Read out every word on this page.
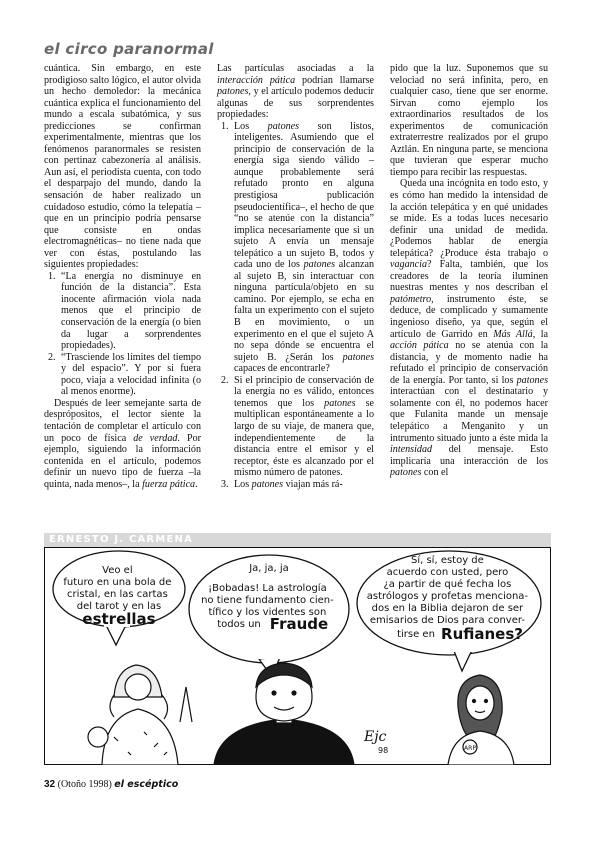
el circo paranormal

cuántica. Sin embargo, en este prodigioso salto lógico, el autor olvida un hecho demoledor: la mecánica cuántica explica el funcionamiento del mundo a escala subatómica, y sus predicciones se confirman experimentalmente, mientras que los fenómenos paranormales se resisten con pertinaz cabezonería al análisis. Aun así, el periodista cuenta, con todo el desparpajo del mundo, dando la sensación de haber realizado un cuidadoso estudio, cómo la telepatía –que en un principio podría pensarse que consiste en ondas electromagnéticas– no tiene nada que ver con éstas, postulando las siguientes propiedades:

1. “La energía no disminuye en función de la distancia”. Esta inocente afirmación viola nada menos que el principio de conservación de la energía (o bien da lugar a sorprendentes propiedades).
2. “Trasciende los límites del tiempo y del espacio”. Y por si fuera poco, viaja a velocidad infinita (o al menos enorme).

Después de leer semejante sarta de desprópositos, el lector siente la tentación de completar el artículo con un poco de física de verdad. Por ejemplo, siguiendo la información contenida en el artículo, podemos definir un nuevo tipo de fuerza –la quinta, nada menos–, la fuerza pática.

Las partículas asociadas a la interacción pática podrían llamarse patones, y el artículo podemos deducir algunas de sus sorprendentes propiedades:

1. Los patones son listos, inteligentes. Asumiendo que el principio de conservación de la energía siga siendo válido –aunque probablemente será refutado pronto en alguna prestigiosa publicación pseudocientífica–, el hecho de que “no se atenúe con la distancia” implica necesariamente que si un sujeto A envía un mensaje telepático a un sujeto B, todos y cada uno de los patones alcanzan al sujeto B, sin interactuar con ninguna partícula/objeto en su camino. Por ejemplo, se echa en falta un experimento con el sujeto B en movimiento, o un experimento en el que el sujeto A no sepa dónde se encuentra el sujeto B. ¿Serán los patones capaces de encontrarle?
2. Si el principio de conservación de la energía no es válido, entonces tenemos que los patones se multiplican espontáneamente a lo largo de su viaje, de manera que, independientemente de la distancia entre el emisor y el receptor, éste es alcanzado por el mismo número de patones.
3. Los patones viajan más rá-

pido que la luz. Suponemos que su velociad no será infinita, pero, en cualquier caso, tiene que ser enorme. Sirvan como ejemplo los extraordinarios resultados de los experimentos de comunicación extraterrestre realizados por el grupo Aztlán. En ninguna parte, se menciona que tuvieran que esperar mucho tiempo para recibir las respuestas.

Queda una incógnita en todo esto, y es cómo han medido la intensidad de la acción telepática y en qué unidades se mide. Es a todas luces necesario definir una unidad de medida. ¿Podemos hablar de energía telepática? ¿Produce ésta trabajo o vagancia? Falta, también, que los creadores de la teoría iluminen nuestras mentes y nos describan el patómetro, instrumento éste, se deduce, de complicado y sumamente ingenioso diseño, ya que, según el artículo de Garrido en Más Allá, la acción pática no se atenúa con la distancia, y de momento nadie ha refutado el principio de conservación de la energía. Por tanto, si los patones interactúan con el destinatario y solamente con él, no podemos hacer que Fulanita mande un mensaje telepático a Menganito y un intrumento situado junto a éste mida la intensidad del mensaje. Esto implicaría una interacción de los patones con el

ERNESTO J. CARMENA
Veo el futuro en una bola de cristal, en las cartas del tarot y en las
estrellas
Ja, ja, ja
¡Bobadas! La astrología no tiene fundamento cien- tífico y los videntes son todos un Fraude
Sí, sí, estoy de acuerdo con usted, pero ¿a partir de qué fecha los astrólogos y profetas menciona- dos en la Biblia dejaron de ser emisarios de Dios para conver- tirse en Rufianes?
ARP
Ejc
98
32 (Otoño 1998) el escéptico
